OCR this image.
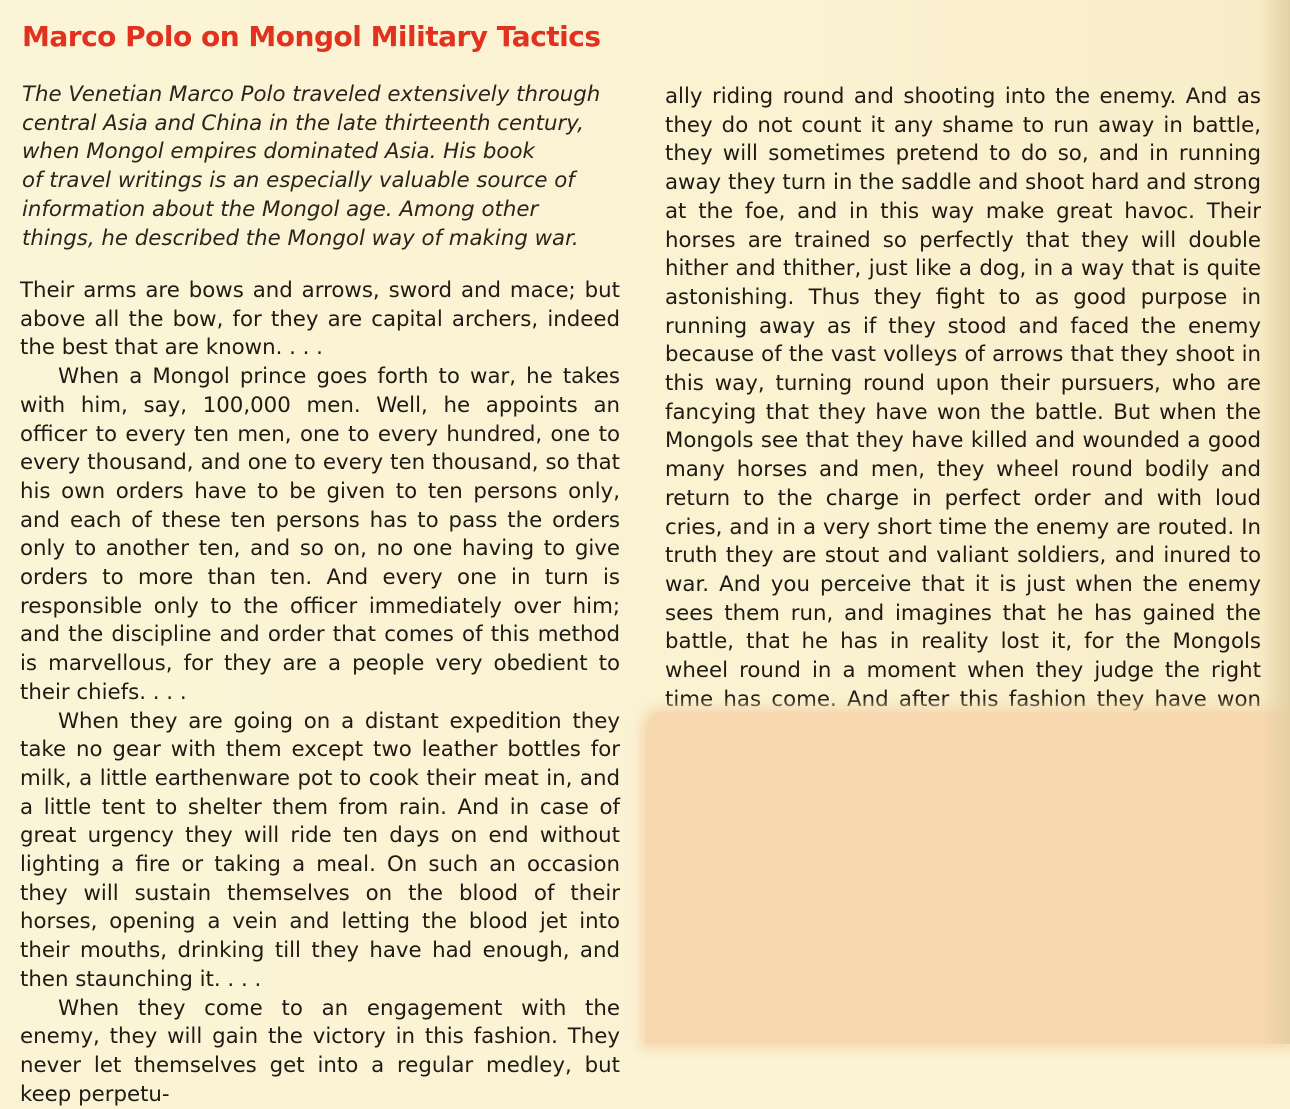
Marco Polo on Mongol Military Tactics
The Venetian Marco Polo traveled extensively through
central Asia and China in the late thirteenth century,
when Mongol empires dominated Asia. His book
of travel writings is an especially valuable source of
information about the Mongol age. Among other
things, he described the Mongol way of making war.

Their arms are bows and arrows, sword and mace; but above all the bow, for they are capital archers, indeed the best that are known. . . .

When a Mongol prince goes forth to war, he takes with him, say, 100,000 men. Well, he appoints an officer to every ten men, one to every hundred, one to every thousand, and one to every ten thousand, so that his own orders have to be given to ten persons only, and each of these ten persons has to pass the orders only to another ten, and so on, no one having to give orders to more than ten. And every one in turn is responsible only to the officer immediately over him; and the discipline and order that comes of this method is marvellous, for they are a people very obedient to their chiefs. . . .

When they are going on a distant expedition they take no gear with them except two leather bottles for milk, a little earthenware pot to cook their meat in, and a little tent to shelter them from rain. And in case of great urgency they will ride ten days on end without lighting a fire or taking a meal. On such an occasion they will sustain themselves on the blood of their horses, opening a vein and letting the blood jet into their mouths, drinking till they have had enough, and then staunching it. . . .

When they come to an engagement with the enemy, they will gain the victory in this fashion. They never let themselves get into a regular medley, but keep perpetu-

ally riding round and shooting into the enemy. And as they do not count it any shame to run away in battle, they will sometimes pretend to do so, and in running away they turn in the saddle and shoot hard and strong at the foe, and in this way make great havoc. Their horses are trained so perfectly that they will double hither and thither, just like a dog, in a way that is quite astonishing. Thus they fight to as good purpose in running away as if they stood and faced the enemy because of the vast volleys of arrows that they shoot in this way, turning round upon their pursuers, who are fancying that they have won the battle. But when the Mongols see that they have killed and wounded a good many horses and men, they wheel round bodily and return to the charge in perfect order and with loud cries, and in a very short time the enemy are routed. In truth they are stout and valiant soldiers, and inured to war. And you perceive that it is just when the enemy sees them run, and imagines that he has gained the battle, that he has in reality lost it, for the Mongols wheel round in a moment when they judge the right time has come. And after this fashion they have won
